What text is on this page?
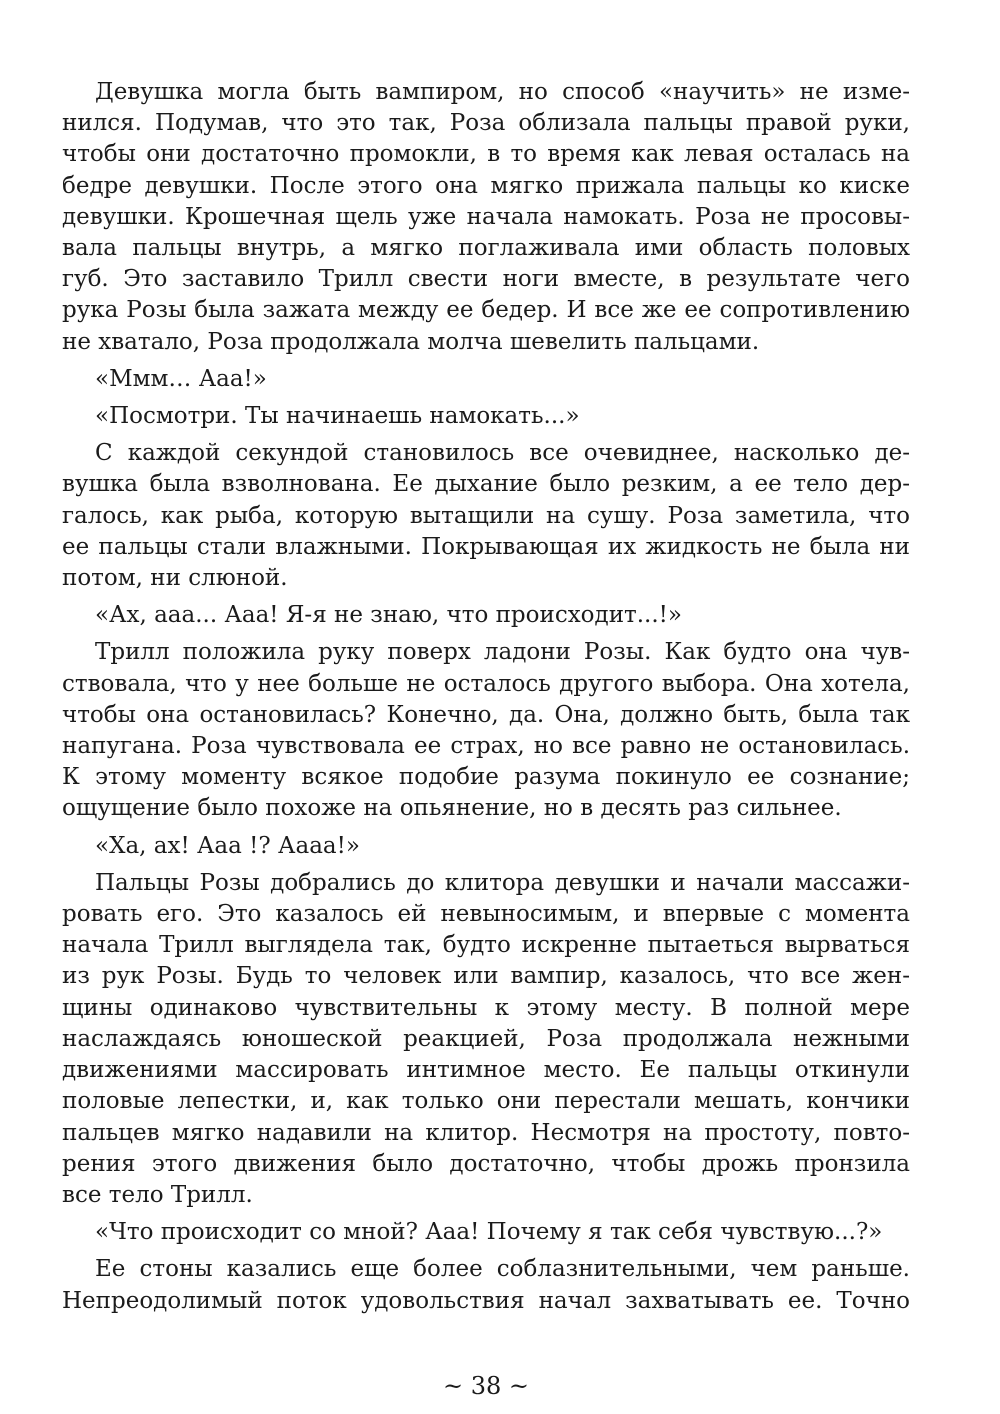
Девушка могла быть вампиром, но способ «научить» не изме-
нился. Подумав, что это так, Роза облизала пальцы правой руки,
чтобы они достаточно промокли, в то время как левая осталась на
бедре девушки. После этого она мягко прижала пальцы ко киске
девушки. Крошечная щель уже начала намокать. Роза не просовы-
вала пальцы внутрь, а мягко поглаживала ими область половых
губ. Это заставило Трилл свести ноги вместе, в результате чего
рука Розы была зажата между ее бедер. И все же ее сопротивлению
не хватало, Роза продолжала молча шевелить пальцами.

«Ммм… Ааа!»

«Посмотри. Ты начинаешь намокать...»

С каждой секундой становилось все очевиднее, насколько де-
вушка была взволнована. Ее дыхание было резким, а ее тело дер-
галось, как рыба, которую вытащили на сушу. Роза заметила, что
ее пальцы стали влажными. Покрывающая их жидкость не была ни
потом, ни слюной.

«Ах, ааа... Ааа! Я-я не знаю, что происходит...!»

Трилл положила руку поверх ладони Розы. Как будто она чув-
ствовала, что у нее больше не осталось другого выбора. Она хотела,
чтобы она остановилась? Конечно, да. Она, должно быть, была так
напугана. Роза чувствовала ее страх, но все равно не остановилась.
К этому моменту всякое подобие разума покинуло ее сознание;
ощущение было похоже на опьянение, но в десять раз сильнее.

«Ха, ах! Ааа !? Аааа!»

Пальцы Розы добрались до клитора девушки и начали массажи-
ровать его. Это казалось ей невыносимым, и впервые с момента
начала Трилл выглядела так, будто искренне пытаеться вырваться
из рук Розы. Будь то человек или вампир, казалось, что все жен-
щины одинаково чувствительны к этому месту. В полной мере
наслаждаясь юношеской реакцией, Роза продолжала нежными
движениями массировать интимное место. Ее пальцы откинули
половые лепестки, и, как только они перестали мешать, кончики
пальцев мягко надавили на клитор. Несмотря на простоту, повто-
рения этого движения было достаточно, чтобы дрожь пронзила
все тело Трилл.

«Что происходит со мной? Ааа! Почему я так себя чувствую...?»

Ее стоны казались еще более соблазнительными, чем раньше.
Непреодолимый поток удовольствия начал захватывать ее. Точно

~ 38 ~
